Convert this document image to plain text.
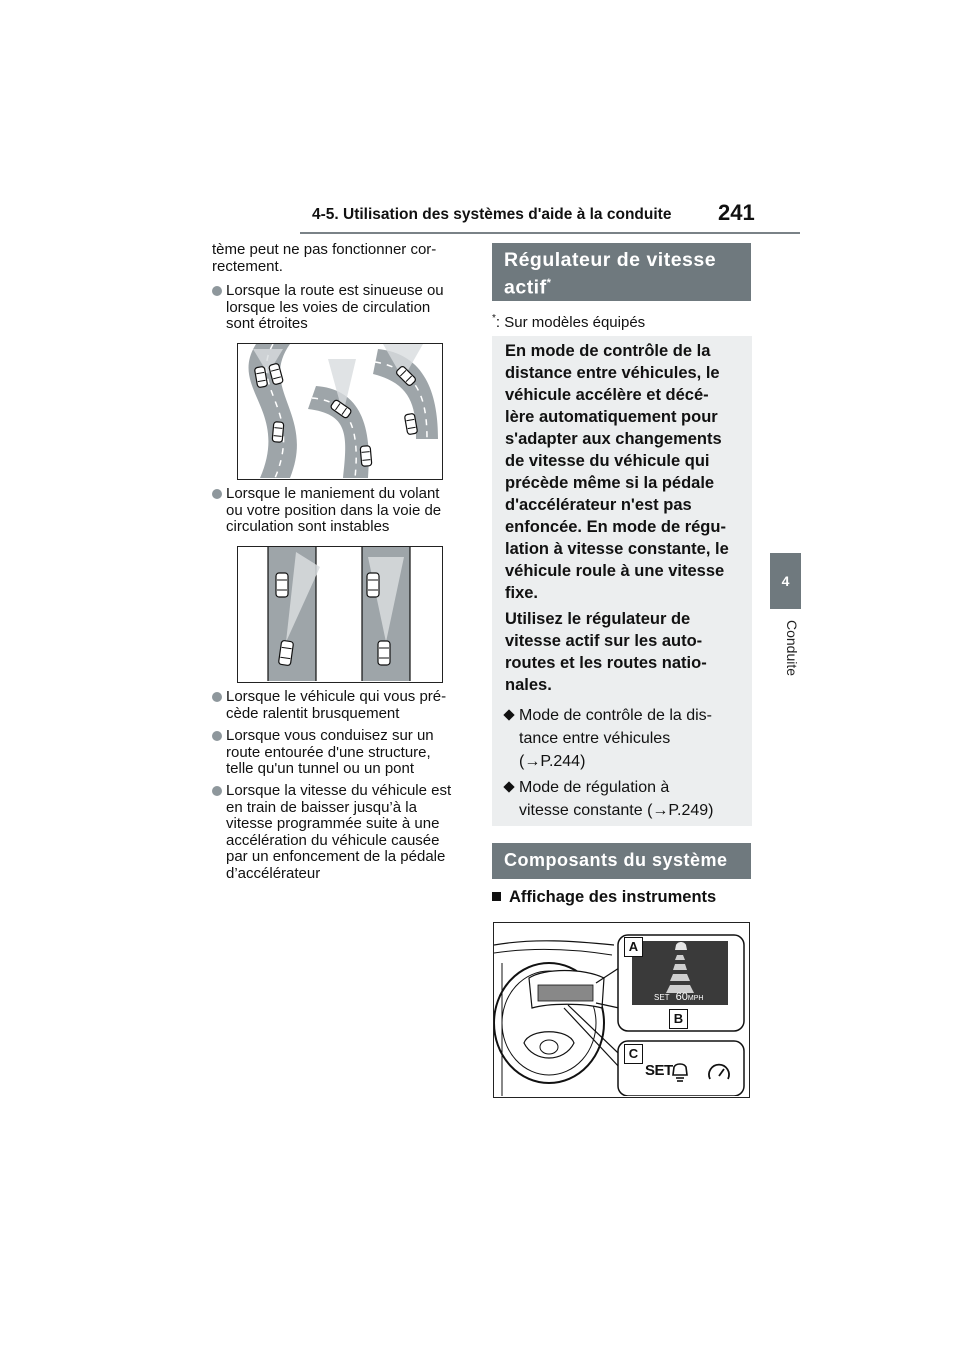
4-5. Utilisation des systèmes d'aide à la conduite 241
4
Conduite
tème peut ne pas fonctionner cor-
rectement.
Lorsque la route est sinueuse ou
lorsque les voies de circulation
sont étroites
Lorsque le maniement du volant
ou votre position dans la voie de
circulation sont instables
Lorsque le véhicule qui vous pré-
cède ralentit brusquement
Lorsque vous conduisez sur un
route entourée d'une structure,
telle qu'un tunnel ou un pont
Lorsque la vitesse du véhicule est
en train de baisser jusqu’à la
vitesse programmée suite à une
accélération du véhicule causée
par un enfoncement de la pédale
d’accélérateur
Régulateur de vitesse
actif*
*: Sur modèles équipés
En mode de contrôle de la
distance entre véhicules, le
véhicule accélère et décé-
lère automatiquement pour
s'adapter aux changements
de vitesse du véhicule qui
précède même si la pédale
d'accélérateur n'est pas
enfoncée. En mode de régu-
lation à vitesse constante, le
véhicule roule à une vitesse
fixe.
Utilisez le régulateur de
vitesse actif sur les auto-
routes et les routes natio-
nales.
Mode de contrôle de la dis-
tance entre véhicules
(→P.244)
Mode de régulation à
vitesse constante (→P.249)
Composants du système
Affichage des instruments
SET 60MPH
SET
A
B
C
